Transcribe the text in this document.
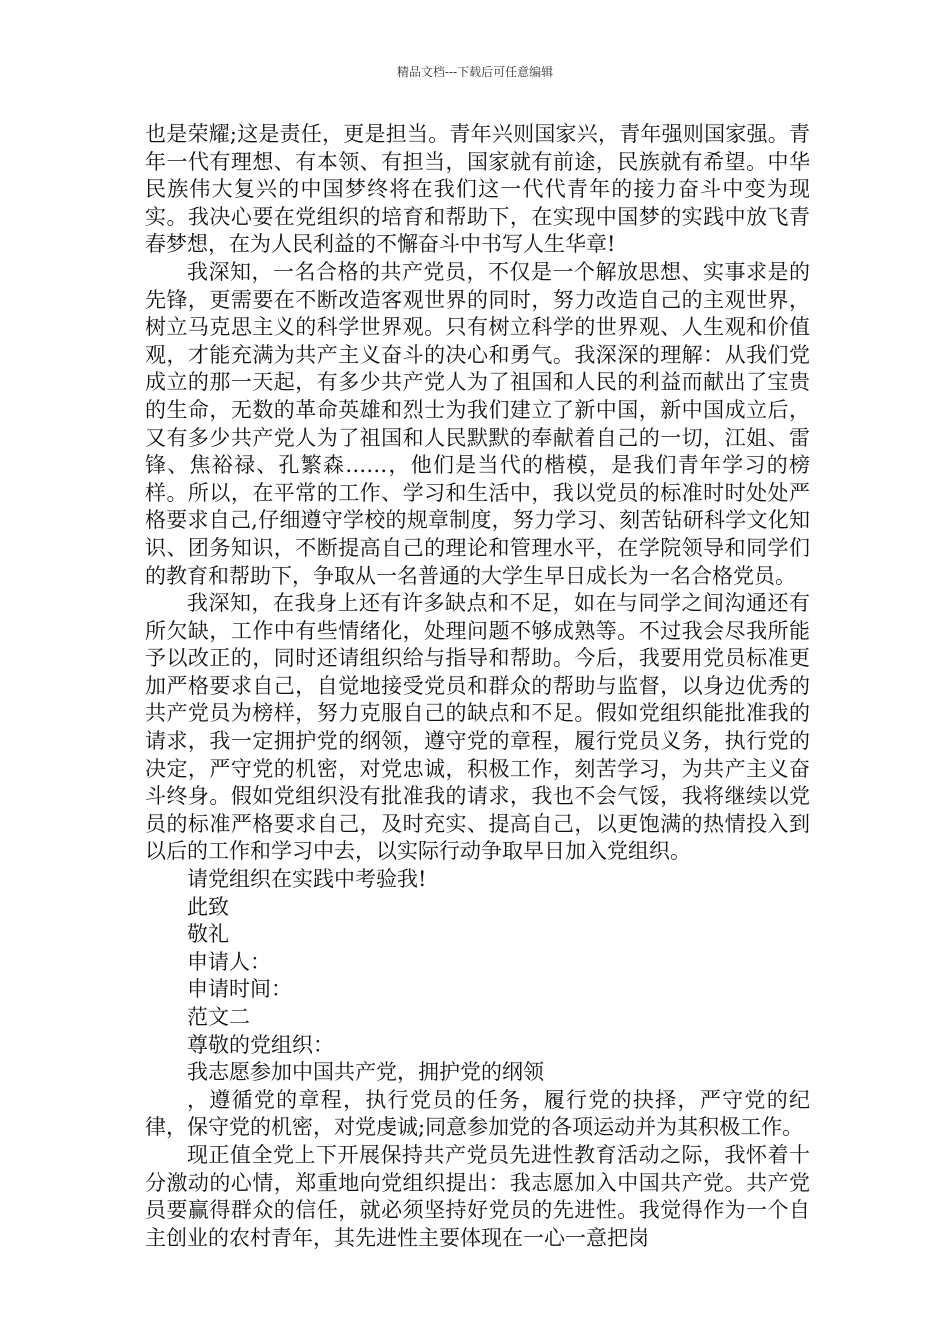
精品文档---下载后可任意编辑

也是荣耀;这是责任，更是担当。青年兴则国家兴，青年强则国家强。青年一代有理想、有本领、有担当，国家就有前途，民族就有希望。中华民族伟大复兴的中国梦终将在我们这一代代青年的接力奋斗中变为现实。我决心要在党组织的培育和帮助下，在实现中国梦的实践中放飞青春梦想，在为人民利益的不懈奋斗中书写人生华章!

我深知，一名合格的共产党员，不仅是一个解放思想、实事求是的先锋，更需要在不断改造客观世界的同时，努力改造自己的主观世界，树立马克思主义的科学世界观。只有树立科学的世界观、人生观和价值观，才能充满为共产主义奋斗的决心和勇气。我深深的理解：从我们党成立的那一天起，有多少共产党人为了祖国和人民的利益而献出了宝贵的生命，无数的革命英雄和烈士为我们建立了新中国，新中国成立后，又有多少共产党人为了祖国和人民默默的奉献着自己的一切，江姐、雷锋、焦裕禄、孔繁森……，他们是当代的楷模，是我们青年学习的榜样。所以，在平常的工作、学习和生活中，我以党员的标准时时处处严格要求自己,仔细遵守学校的规章制度，努力学习、刻苦钻研科学文化知识、团务知识，不断提高自己的理论和管理水平，在学院领导和同学们的教育和帮助下，争取从一名普通的大学生早日成长为一名合格党员。

我深知，在我身上还有许多缺点和不足，如在与同学之间沟通还有所欠缺，工作中有些情绪化，处理问题不够成熟等。不过我会尽我所能予以改正的，同时还请组织给与指导和帮助。今后，我要用党员标准更加严格要求自己，自觉地接受党员和群众的帮助与监督，以身边优秀的共产党员为榜样，努力克服自己的缺点和不足。假如党组织能批准我的请求，我一定拥护党的纲领，遵守党的章程，履行党员义务，执行党的决定，严守党的机密，对党忠诚，积极工作，刻苦学习，为共产主义奋斗终身。假如党组织没有批准我的请求，我也不会气馁，我将继续以党员的标准严格要求自己，及时充实、提高自己，以更饱满的热情投入到以后的工作和学习中去，以实际行动争取早日加入党组织。

请党组织在实践中考验我!

此致

敬礼

申请人：

申请时间：

范文二

尊敬的党组织：

我志愿参加中国共产党，拥护党的纲领

，遵循党的章程，执行党员的任务，履行党的抉择，严守党的纪律，保守党的机密，对党虔诚;同意参加党的各项运动并为其积极工作。

现正值全党上下开展保持共产党员先进性教育活动之际，我怀着十分激动的心情，郑重地向党组织提出：我志愿加入中国共产党。共产党员要赢得群众的信任，就必须坚持好党员的先进性。我觉得作为一个自主创业的农村青年，其先进性主要体现在一心一意把岗
